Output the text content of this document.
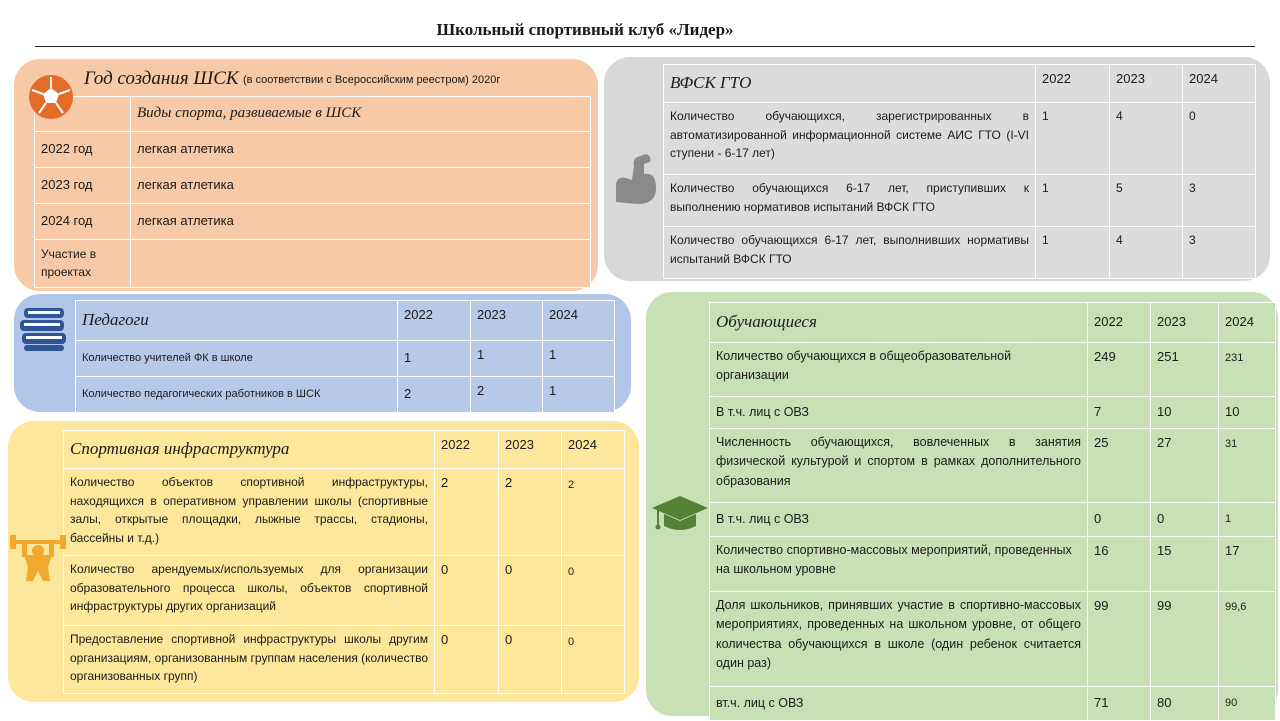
Школьный спортивный клуб «Лидер»
Год создания ШСК (в соответствии с Всероссийским реестром) 2020г
	Виды спорта, развиваемые в ШСК
2022 год	легкая атлетика
2023 год	легкая атлетика
2024 год	легкая атлетика
Участие в проектах	
ВФСК ГТО	2022	2023	2024
Количество обучающихся, зарегистрированных в автоматизированной информационной системе АИС ГТО (I-VI ступени - 6-17 лет)	1	4	0
Количество обучающихся 6-17 лет, приступивших к выполнению нормативов испытаний ВФСК ГТО	1	5	3
Количество обучающихся 6-17 лет, выполнивших нормативы испытаний ВФСК ГТО	1	4	3
Педагоги	2022	2023	2024
Количество учителей ФК в школе	1	1	1
Количество педагогических работников в ШСК	2	2	1
Спортивная инфраструктура	2022	2023	2024
Количество объектов спортивной инфраструктуры, находящихся в оперативном управлении школы (спортивные залы, открытые площадки, лыжные трассы, стадионы, бассейны и т.д.)	2	2	2
Количество арендуемых/используемых для организации образовательного процесса школы, объектов спортивной инфраструктуры других организаций	0	0	0
Предоставление спортивной инфраструктуры школы другим организациям, организованным группам населения (количество организованных групп)	0	0	0
Обучающиеся	2022	2023	2024
Количество обучающихся в общеобразовательной организации	249	251	231
В т.ч. лиц с ОВЗ	7	10	10
Численность обучающихся, вовлеченных в занятия физической культурой и спортом в рамках дополнительного образования	25	27	31
В т.ч. лиц с ОВЗ	0	0	1
Количество спортивно-массовых мероприятий, проведенных на школьном уровне	16	15	17
Доля школьников, принявших участие в спортивно-массовых мероприятиях, проведенных на школьном уровне, от общего количества обучающихся в школе (один ребенок считается один раз)	99	99	99,6
вт.ч. лиц с ОВЗ	71	80	90
